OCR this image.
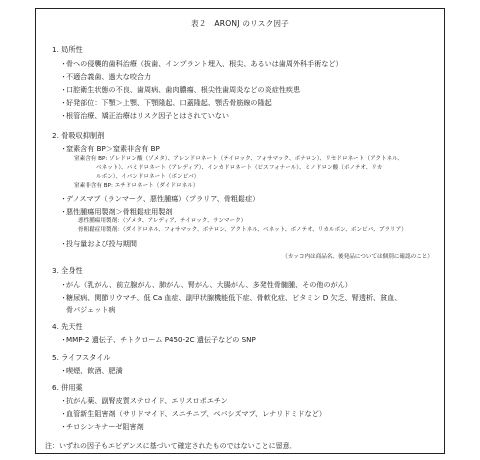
表２　ARONJ のリスク因子
1. 局所性
・
骨への侵襲的歯科治療（抜歯、インプラント埋入、根尖、あるいは歯周外科手術など）
・
不適合義歯、過大な咬合力
・
口腔衛生状態の不良、歯周病、歯肉膿瘍、根尖性歯周炎などの炎症性疾患
・
好発部位：下顎＞上顎、下顎隆起、口蓋隆起、顎舌骨筋線の隆起
・
根管治療、矯正治療はリスク因子とはされていない
2. 骨吸収抑制剤
・
窒素含有 BP＞窒素非含有 BP
窒素含有 BP: ゾレドロン酸（ゾメタ）、アレンドロネート（テイロック、フォサマック、ボナロン）、リセドロネート（アクトネル、
ベネット）、パミドロネート（アレディア）、インカドロネート（ビスフォナール）、ミノドロン酸（ボノテオ、リカ
ルボン）、イバンドロネート（ボンビバ）
窒素非含有 BP: エチドロネート（ダイドロネル）
・
デノスマブ（ランマーク、悪性腫瘍）（プラリア、骨粗鬆症）
・
悪性腫瘍用製剤＞骨粗鬆症用製剤
悪性腫瘍用製剤：（ゾメタ、アレディア、テイロック、ランマーク）
骨粗鬆症用製剤：（ダイドロネル、フォサマック、ボナロン、アクトネル、ベネット、ボノテオ、リカルボン、ボンビバ、プラリア）
・
投与量および投与期間
（カッコ内は商品名、後発品については個別に確認のこと）
3. 全身性
・
がん（乳がん、前立腺がん、肺がん、腎がん、大腸がん、多発性骨髄腫、その他のがん）
・
糖尿病、関節リウマチ、低 Ca 血症、副甲状腺機能低下症、骨軟化症、ビタミン D 欠乏、腎透析、貧血、
骨パジェット病
4. 先天性
・
MMP-2 遺伝子、チトクローム P450-2C 遺伝子などの SNP
5. ライフスタイル
・
喫煙、飲酒、肥満
6. 併用薬
・
抗がん薬、副腎皮質ステロイド、エリスロポエチン
・
血管新生阻害剤（サリドマイド、スニチニブ、ベバシズマブ、レナリドミドなど）
・
チロシンキナーゼ阻害剤
注：いずれの因子もエビデンスに基づいて確定されたものではないことに留意．
